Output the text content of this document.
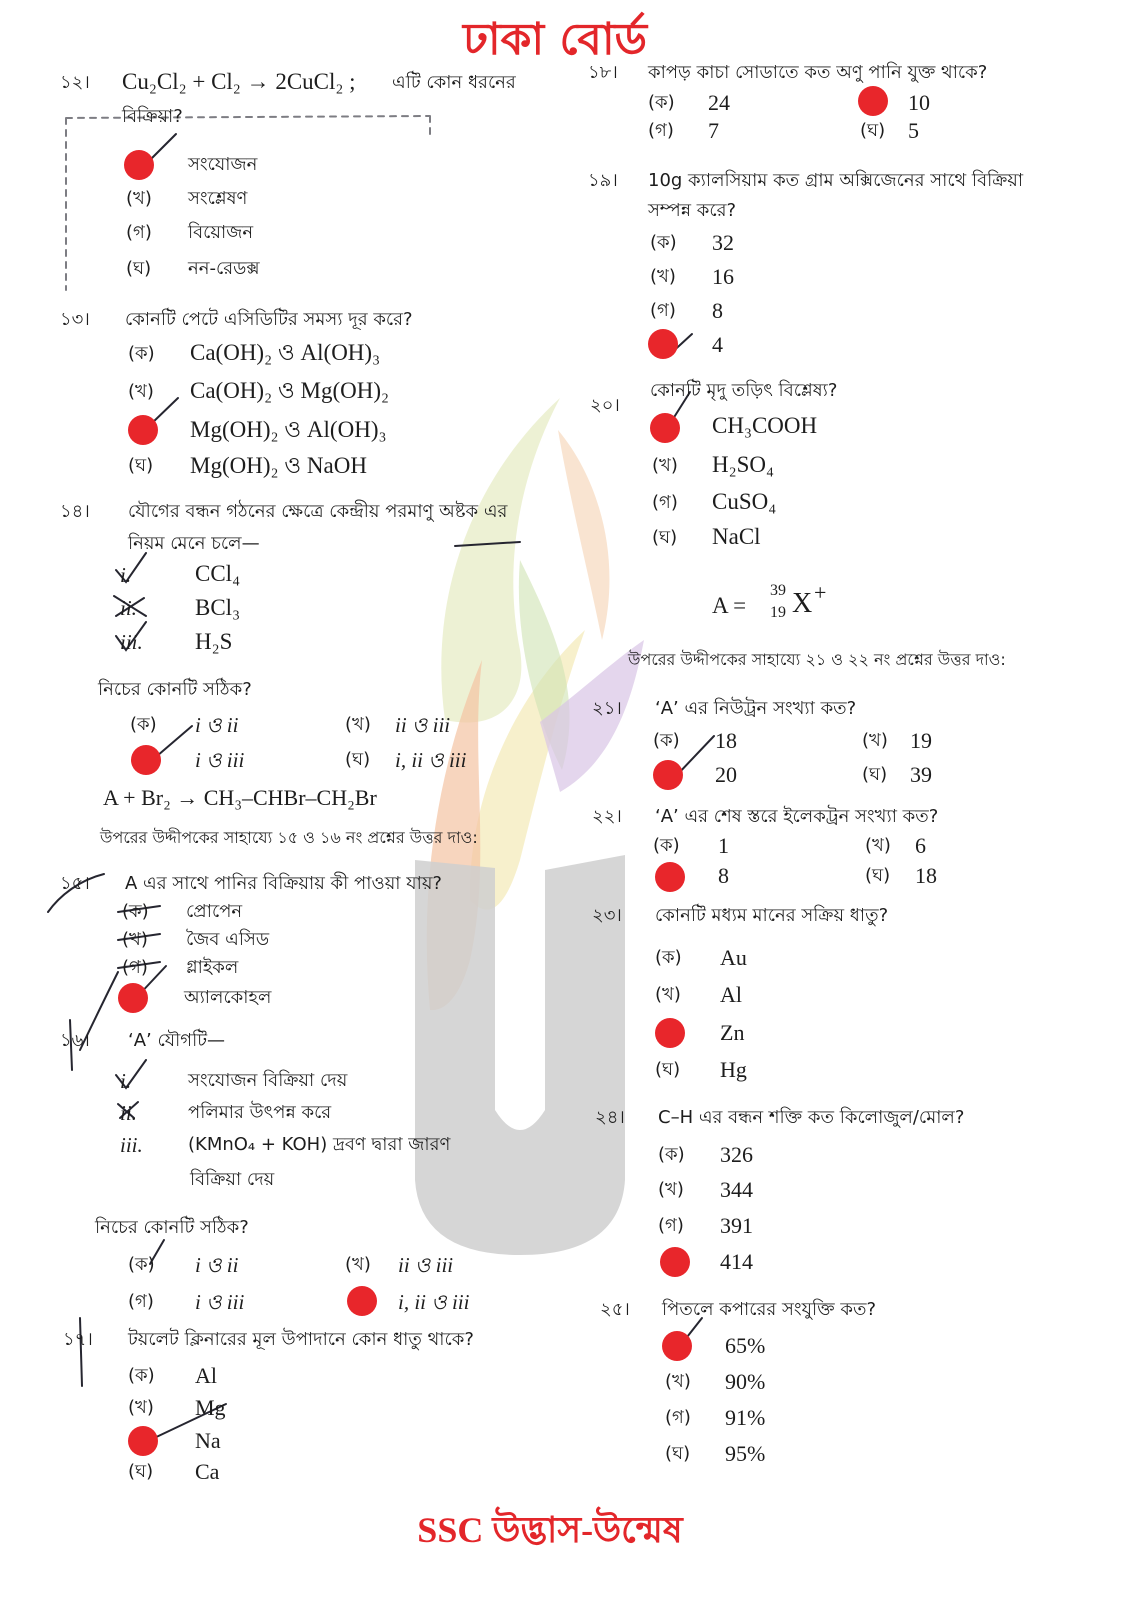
ঢাকা বোর্ড
১২। Cu₂Cl₂ + Cl₂ → 2CuCl₂ ; এটি কোন ধরনের
বিক্রিয়া?
সংযোজন
(খ) সংশ্লেষণ
(গ) বিয়োজন
(ঘ) নন-রেডক্স
১৩। কোনটি পেটে এসিডিটির সমস্য দূর করে?
(ক) Ca(OH)₂ ও Al(OH)₃
(খ) Ca(OH)₂ ও Mg(OH)₂
Mg(OH)₂ ও Al(OH)₃
(ঘ) Mg(OH)₂ ও NaOH
১৪। যৌগের বন্ধন গঠনের ক্ষেত্রে কেন্দ্রীয় পরমাণু অষ্টক এর
নিয়ম মেনে চলে—
i.	CCl₄
ii.	BCl₃
iii. H₂S
নিচের কোনটি সঠিক?
(ক) i ও ii	(খ) ii ও iii
i ও iii	(ঘ) i, ii ও iii
A + Br₂ → CH₃–CHBr–CH₂Br
উপরের উদ্দীপকের সাহায্যে ১৫ ও ১৬ নং প্রশ্নের উত্তর দাও:
১৫। A এর সাথে পানির বিক্রিয়ায় কী পাওয়া যায়?
(ক) প্রোপেন
(খ) জৈব এসিড
(গ) গ্লাইকল
অ্যালকোহল
১৬। ‘A’ যৌগটি—
i.	সংযোজন বিক্রিয়া দেয়
ii.	পলিমার উৎপন্ন করে
iii.	(KMnO₄ + KOH) দ্রবণ দ্বারা জারণ
বিক্রিয়া দেয়
নিচের কোনটি সঠিক?
(ক) i ও ii	(খ) ii ও iii
(গ) i ও iii	i, ii ও iii
১৭। টয়লেট ক্লিনারের মূল উপাদানে কোন ধাতু থাকে?
(ক) Al
(খ) Mg
Na
(ঘ) Ca
১৮। কাপড় কাচা সোডাতে কত অণু পানি যুক্ত থাকে?
(ক) 24	10
(গ) 7	(ঘ) 5
১৯। 10g ক্যালসিয়াম কত গ্রাম অক্সিজেনের সাথে বিক্রিয়া
সম্পন্ন করে?
(ক) 32
(খ) 16
(গ) 8
4
কোনটি মৃদু তড়িৎ বিশ্লেষ্য?
২০।
CH₃COOH
(খ) H₂SO₄
(গ) CuSO₄
(ঘ) NaCl
A =
39
19 X +
উপরের উদ্দীপকের সাহায্যে ২১ ও ২২ নং প্রশ্নের উত্তর দাও:
২১। ‘A’ এর নিউট্রন সংখ্যা কত?
(ক) 18	(খ) 19
20	(ঘ) 39
২২। ‘A’ এর শেষ স্তরে ইলেকট্রন সংখ্যা কত?
(ক) 1	(খ) 6
8	(ঘ) 18
২৩। কোনটি মধ্যম মানের সক্রিয় ধাতু?
(ক) Au
(খ) Al
Zn
(ঘ) Hg
২৪। C–H এর বন্ধন শক্তি কত কিলোজুল/মোল?
(ক) 326
(খ) 344
(গ) 391
414
২৫। পিতলে কপারের সংযুক্তি কত?
65%
(খ) 90%
(গ) 91%
(ঘ) 95%
SSC উদ্ভাস-উন্মেষ
